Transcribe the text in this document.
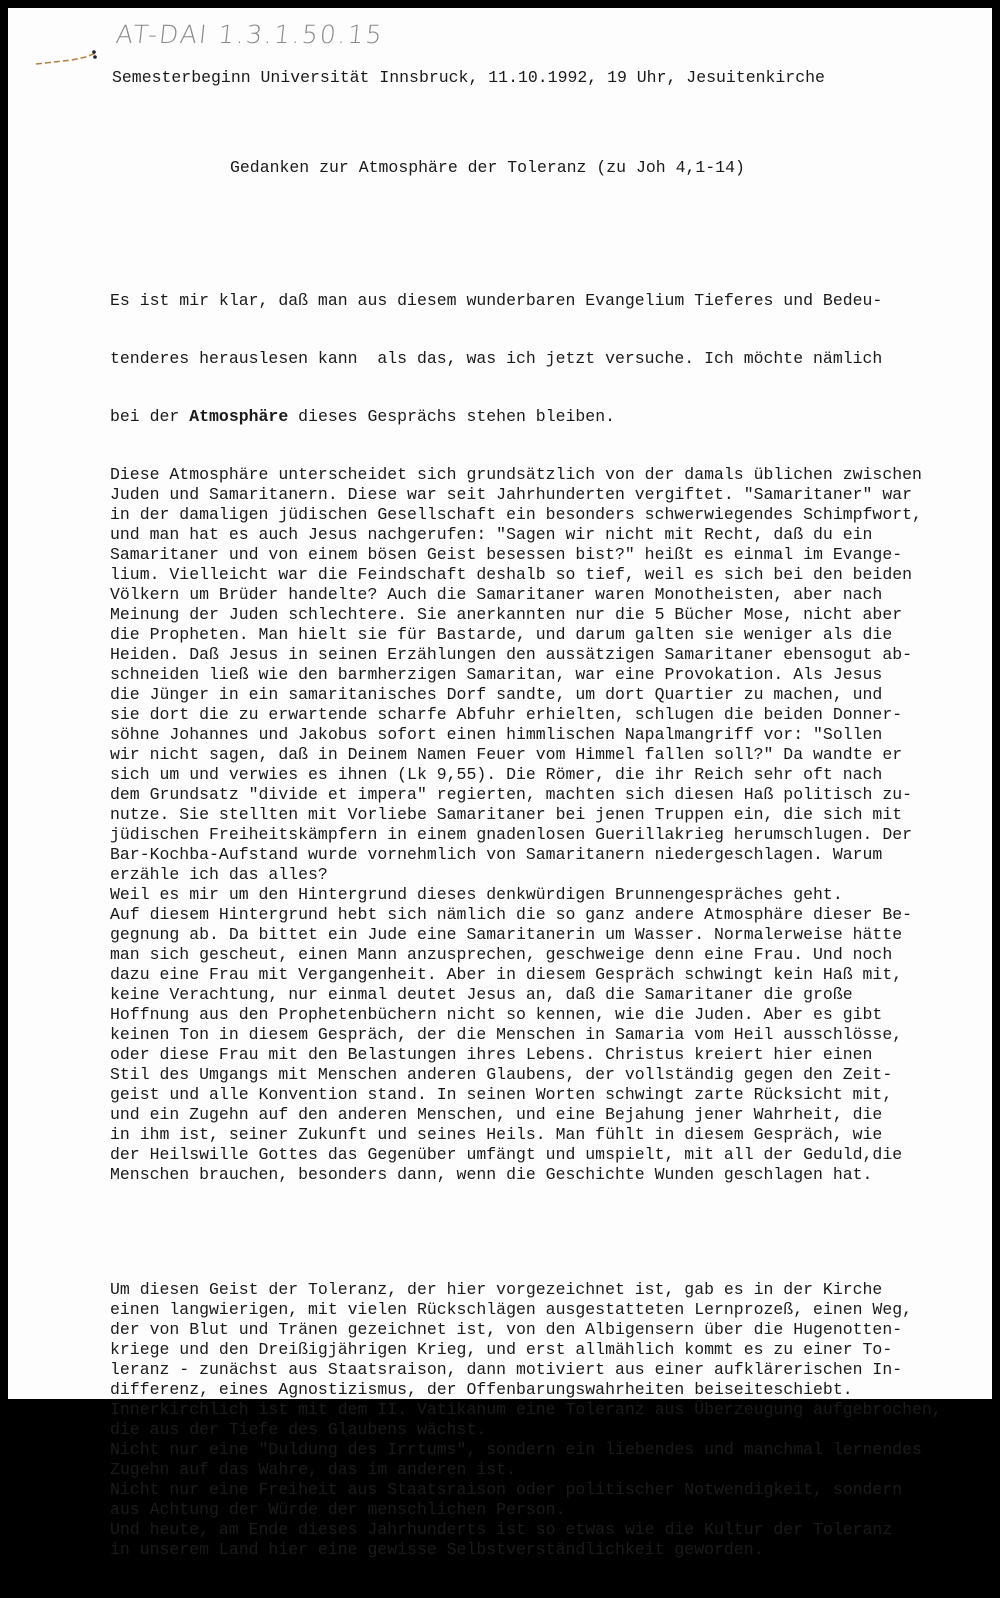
AT-DAI 1.3.1.50.15
Semesterbeginn Universität Innsbruck, 11.10.1992, 19 Uhr, Jesuitenkirche
Gedanken zur Atmosphäre der Toleranz (zu Joh 4,1-14)

Es ist mir klar, daß man aus diesem wunderbaren Evangelium Tieferes und Bedeu-

tenderes herauslesen kann  als das, was ich jetzt versuche. Ich möchte nämlich

bei der Atmosphäre dieses Gesprächs stehen bleiben.

Diese Atmosphäre unterscheidet sich grundsätzlich von der damals üblichen zwischen
Juden und Samaritanern. Diese war seit Jahrhunderten vergiftet. "Samaritaner" war
in der damaligen jüdischen Gesellschaft ein besonders schwerwiegendes Schimpfwort,
und man hat es auch Jesus nachgerufen: "Sagen wir nicht mit Recht, daß du ein
Samaritaner und von einem bösen Geist besessen bist?" heißt es einmal im Evange-
lium. Vielleicht war die Feindschaft deshalb so tief, weil es sich bei den beiden
Völkern um Brüder handelte? Auch die Samaritaner waren Monotheisten, aber nach
Meinung der Juden schlechtere. Sie anerkannten nur die 5 Bücher Mose, nicht aber
die Propheten. Man hielt sie für Bastarde, und darum galten sie weniger als die
Heiden. Daß Jesus in seinen Erzählungen den aussätzigen Samaritaner ebensogut ab-
schneiden ließ wie den barmherzigen Samaritan, war eine Provokation. Als Jesus
die Jünger in ein samaritanisches Dorf sandte, um dort Quartier zu machen, und
sie dort die zu erwartende scharfe Abfuhr erhielten, schlugen die beiden Donner-
söhne Johannes und Jakobus sofort einen himmlischen Napalmangriff vor: "Sollen
wir nicht sagen, daß in Deinem Namen Feuer vom Himmel fallen soll?" Da wandte er
sich um und verwies es ihnen (Lk 9,55). Die Römer, die ihr Reich sehr oft nach
dem Grundsatz "divide et impera" regierten, machten sich diesen Haß politisch zu-
nutze. Sie stellten mit Vorliebe Samaritaner bei jenen Truppen ein, die sich mit
jüdischen Freiheitskämpfern in einem gnadenlosen Guerillakrieg herumschlugen. Der
Bar-Kochba-Aufstand wurde vornehmlich von Samaritanern niedergeschlagen. Warum
erzähle ich das alles?
Weil es mir um den Hintergrund dieses denkwürdigen Brunnengespräches geht.
Auf diesem Hintergrund hebt sich nämlich die so ganz andere Atmosphäre dieser Be-
gegnung ab. Da bittet ein Jude eine Samaritanerin um Wasser. Normalerweise hätte
man sich gescheut, einen Mann anzusprechen, geschweige denn eine Frau. Und noch
dazu eine Frau mit Vergangenheit. Aber in diesem Gespräch schwingt kein Haß mit,
keine Verachtung, nur einmal deutet Jesus an, daß die Samaritaner die große
Hoffnung aus den Prophetenbüchern nicht so kennen, wie die Juden. Aber es gibt
keinen Ton in diesem Gespräch, der die Menschen in Samaria vom Heil ausschlösse,
oder diese Frau mit den Belastungen ihres Lebens. Christus kreiert hier einen
Stil des Umgangs mit Menschen anderen Glaubens, der vollständig gegen den Zeit-
geist und alle Konvention stand. In seinen Worten schwingt zarte Rücksicht mit,
und ein Zugehn auf den anderen Menschen, und eine Bejahung jener Wahrheit, die
in ihm ist, seiner Zukunft und seines Heils. Man fühlt in diesem Gespräch, wie
der Heilswille Gottes das Gegenüber umfängt und umspielt, mit all der Geduld,die
Menschen brauchen, besonders dann, wenn die Geschichte Wunden geschlagen hat.

Um diesen Geist der Toleranz, der hier vorgezeichnet ist, gab es in der Kirche
einen langwierigen, mit vielen Rückschlägen ausgestatteten Lernprozeß, einen Weg,
der von Blut und Tränen gezeichnet ist, von den Albigensern über die Hugenotten-
kriege und den Dreißigjährigen Krieg, und erst allmählich kommt es zu einer To-
leranz - zunächst aus Staatsraison, dann motiviert aus einer aufklärerischen In-
differenz, eines Agnostizismus, der Offenbarungswahrheiten beiseiteschiebt.
Innerkirchlich ist mit dem II. Vatikanum eine Toleranz aus Überzeugung aufgebrochen,
die aus der Tiefe des Glaubens wächst.
Nicht nur eine "Duldung des Irrtums", sondern ein liebendes und manchmal lernendes
Zugehn auf das Wahre, das im anderen ist.
Nicht nur eine Freiheit aus Staatsraison oder politischer Notwendigkeit, sondern
aus Achtung der Würde der menschlichen Person.
Und heute, am Ende dieses Jahrhunderts ist so etwas wie die Kultur der Toleranz
in unserem Land hier eine gewisse Selbstverständlichkeit geworden.
